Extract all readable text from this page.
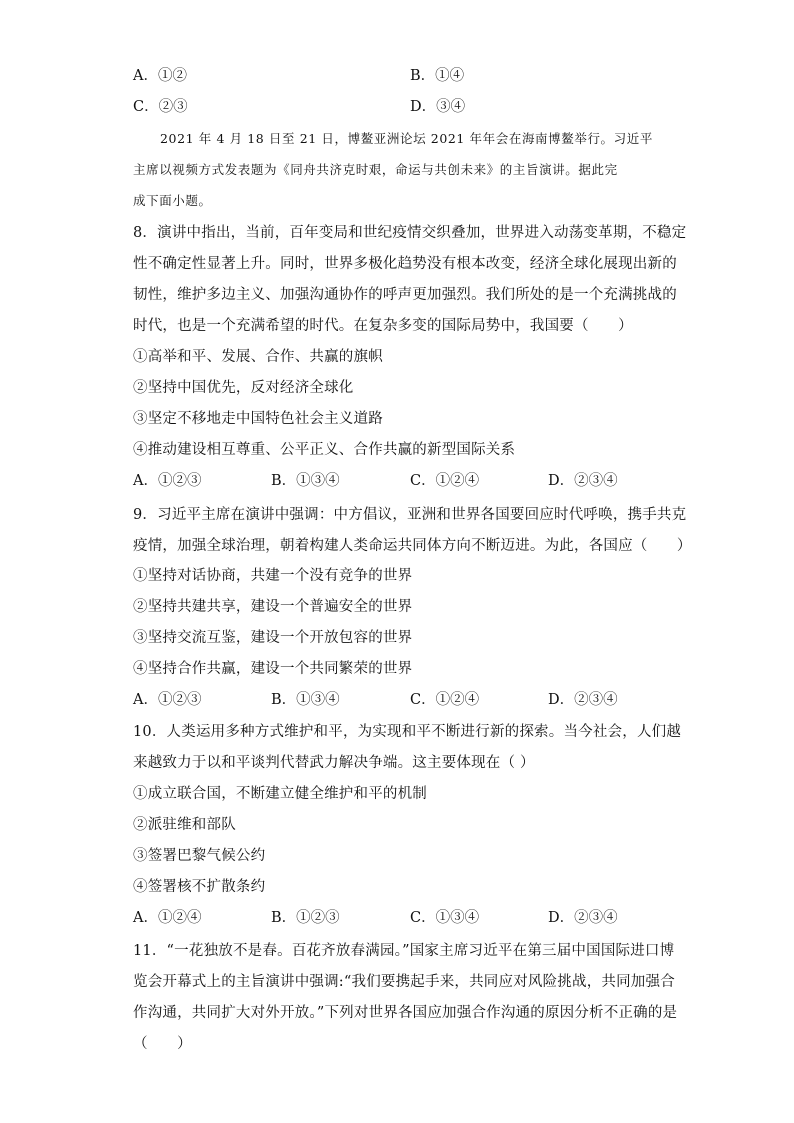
A．①②	B．①④
C．②③	D．③④
2021 年 4 月 18 日至 21 日，博鳌亚洲论坛 2021 年年会在海南博鳌举行。习近平
主席以视频方式发表题为《同舟共济克时艰，命运与共创未来》的主旨演讲。据此完
成下面小题。
8．演讲中指出，当前，百年变局和世纪疫情交织叠加，世界进入动荡变革期，不稳定
性不确定性显著上升。同时，世界多极化趋势没有根本改变，经济全球化展现出新的
韧性，维护多边主义、加强沟通协作的呼声更加强烈。我们所处的是一个充满挑战的
时代，也是一个充满希望的时代。在复杂多变的国际局势中，我国要（　　）
①高举和平、发展、合作、共赢的旗帜
②坚持中国优先，反对经济全球化
③坚定不移地走中国特色社会主义道路
④推动建设相互尊重、公平正义、合作共赢的新型国际关系
A．①②③	B．①③④	C．①②④	D．②③④
9．习近平主席在演讲中强调：中方倡议，亚洲和世界各国要回应时代呼唤，携手共克
疫情，加强全球治理，朝着构建人类命运共同体方向不断迈进。为此，各国应（　　）
①坚持对话协商，共建一个没有竞争的世界
②坚持共建共享，建设一个普遍安全的世界
③坚持交流互鉴，建设一个开放包容的世界
④坚持合作共赢，建设一个共同繁荣的世界
A．①②③	B．①③④	C．①②④	D．②③④
10．人类运用多种方式维护和平，为实现和平不断进行新的探索。当今社会，人们越
来越致力于以和平谈判代替武力解决争端。这主要体现在（ ）
①成立联合国，不断建立健全维护和平的机制
②派驻维和部队
③签署巴黎气候公约
④签署核不扩散条约
A．①②④	B．①②③	C．①③④	D．②③④
11．“一花独放不是春。百花齐放春满园。”国家主席习近平在第三届中国国际进口博
览会开幕式上的主旨演讲中强调:“我们要携起手来，共同应对风险挑战，共同加强合
作沟通，共同扩大对外开放。”下列对世界各国应加强合作沟通的原因分析不正确的是
（　　）
